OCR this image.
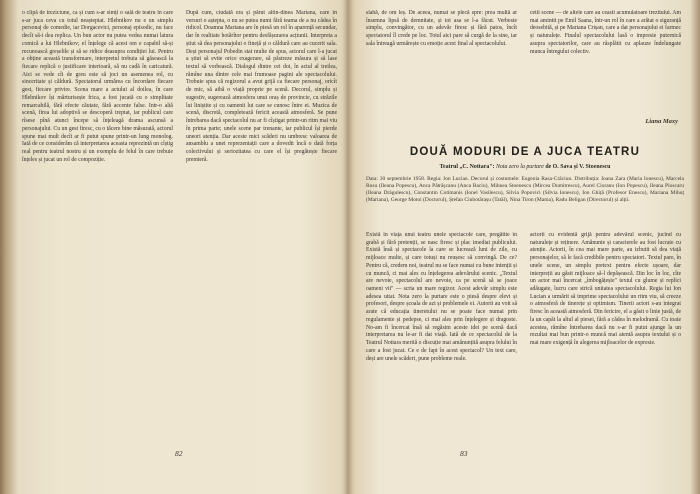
o clipă de treziciune, ca și cum s-ar simți o sală de teatru în care s-ar juca ceva cu totul neașteptat. Hlebnikov nu e un simplu personaj de comedie, iar Dorgacevici, personaj episodic, nu face decît să-i dea replica. Un bun actor nu putea vedea numai latura comică a lui Hlebnikov; el înțelege că acest om e capabil să-și recunoască greșelile și să se ridice deasupra condiției lui. Pentru a obține această transformare, interpretul trebuia să găsească la fiecare replică o justificare interioară, să nu cadă în caricatură. Aici se vede cît de greu este să joci un asemenea rol, cu sinceritate și căldură. Spectatorul urmărea cu încordare fiecare gest, fiecare privire. Scena mare a actului al doilea, în care Hlebnikov își mărturisește frica, a fost jucată cu o simplitate remarcabilă, fără efecte căutate, fără accente false. Intr-o altă scenă, firea lui adoptivă se descoperă treptat, iar publicul care rîsese pînă atunci începe să înțeleagă drama ascunsă a personajului. Cu un gest firesc, cu o tăcere bine măsurată, actorul spune mai mult decît ar fi putut spune printr-un lung monolog. Iată de ce considerăm că interpretarea aceasta reprezintă un cîștig real pentru teatrul nostru și un exemplu de felul în care trebuie înțeles și jucat un rol de compoziție.

După cum, ciudată era și părut altin-dinea Mariana, care în versuri o aștepta, o nu se putea numi fără teama de a nu cădea în ridicol. Doamna Mariana are în piesă un rol în aparență secundar, dar în realitate hotărîtor pentru desfășurarea acțiunii. Interpreta a știut să dea personajului o fineță și o căldură care au cucerit sala. Deși personajul Pobedin stat multe de spus, actorul care l-a jucat a știut să evite orice exagerare, să păstreze măsura și să lase textul să vorbească. Dialogul dintre cei doi, în actul al treilea, rămîne una dintre cele mai frumoase pagini ale spectacolului. Trebuie spus că regizorul a avut grijă ca fiecare personaj, oricît de mic, să aibă o viață proprie pe scenă. Decorul, simplu și sugestiv, sugerează atmosfera unui oraș de provincie, cu străzile lui liniștite și cu oamenii lui care se cunosc între ei. Muzica de scenă, discretă, completează fericit această atmosferă. Se pune întrebarea dacă spectacolul nu ar fi cîștigat printr-un ritm mai viu în prima parte; unele scene par trenante, iar publicul își pierde uneori atenția. Dar aceste mici scăderi nu umbresc valoarea de ansamblu a unei reprezentații care a dovedit încă o dată forța colectivului și seriozitatea cu care el își pregătește fiecare premieră.

82

slabă, de om leș. De aceea, numai se plecă spre: prea multă ar însemna lipsă de demnitate, și tot asa se l-a făcut. Verbeste simplu, convingător, cu un adevăr firesc și fără patos, încît spectatorul îl crede pe loc. Totul aici pare să curgă de la sine, iar sala întreagă urmărește cu emoție acest final al spectacolului.

cetii scene — de altele care au ceasti acumulatoare trezitului. Am mai amintit pe Emil Saana, într-un rol în care a arătat o siguranță deosebită, și pe Mariana Crișan, care a dat personajului ei farmec și naturalețe. Finalul spectacolului lasă o impresie puternică asupra spectatorilor, care au răsplătit cu aplauze îndelungate munca întregului colectiv.

Liana Maxy
DOUĂ MODURI DE A JUCA TEATRU
Teatrul „C. Nottara": Nota zero la purtare de O. Sava și V. Stoenescu
Data: 30 septembrie 1958. Regia: Ion Lucian. Decorul și costumele: Eugenia Rasa-Crăciun. Distribuția: Ioana Zara (Maria Ionescu), Marcela Rusu (Ileana Popescu), Anca Pătrășcanu (Anca Baciu), Mihnea Stoenescu (Mircea Dumitrescu), Aurel Cioranu (Ion Popescu), Ileana Ploscaru (Ileana Drăgulescu), Constantin Cotimanis (Ionel Vasilescu), Silvia Popovici (Silvia Ionescu), Ion Ghiță (Profesor Enescu), Mariana Mihuț (Mariana), George Motoi (Doctorul), Ștefan Ciubotărașu (Tatăl), Nina Tiron (Mama), Radu Beligan (Directorul) și alții.

Există în viața unui teatru unele spectacole care, pregătite în grabă și fără pretenții, se nasc firesc și plac imediat publicului. Există însă și spectacole la care se lucrează luni de zile, cu mijloace multe, și care totuși nu reușesc să convingă. De ce? Pentru că, credem noi, teatrul nu se face numai cu bune intenții și cu muncă, ci mai ales cu înțelegerea adevărului scenic. „Textul are nevoie, spectacolul are nevoie, ca pe scenă să se joace oameni vii" — scria un mare regizor. Acest adevăr simplu este adesea uitat. Nota zero la purtare este o piesă despre elevi și profesori, despre școala de azi și problemele ei. Autorii au voit să arate că educația tineretului nu se poate face numai prin regulamente și pedepse, ci mai ales prin înțelegere și dragoste. No-am fi încercat însă să regăsim aceste idei pe scenă dacă interpretarea nu le-ar fi dat viață. Iată de ce spectacolul de la Teatrul Nottara merită o discuție mai amănunțită asupra felului în care a fost jucat. Ce e de fapt în acest spectacol? Un text care, deși are unele scăderi, pune probleme reale.

actorii cu evidentă grijă pentru adevărul scenic, jucînd cu naturalețe și reținere. Amănunte și caracterele au fost lucrate cu atenție. Actorii, în cea mai mare parte, au izbutit să dea viață personajelor, să le facă credibile pentru spectatori. Textul pare, în unele scene, un simplu pretext pentru efecte ușoare, dar interpreții au găsit mijloace să-l depășească. Din loc în loc, cîte un actor mai încercat „îmbogățește" textul cu glume și replici adăugate, lucru care strică unitatea spectacolului. Regia lui Ion Lucian a urmărit să imprime spectacolului un ritm viu, să creeze o atmosferă de tinerețe și optimism. Tinerii actori s-au integrat firesc în această atmosferă. Din fericire, el a găsit o linie justă, de la un capăt la altul al piesei, fără a cădea în melodramă. Cu toate acestea, rămîne întrebarea dacă nu s-ar fi putut ajunge la un rezultat mai bun printr-o muncă mai atentă asupra textului și o mai mare exigență în alegerea mijloacelor de expresie.

83
